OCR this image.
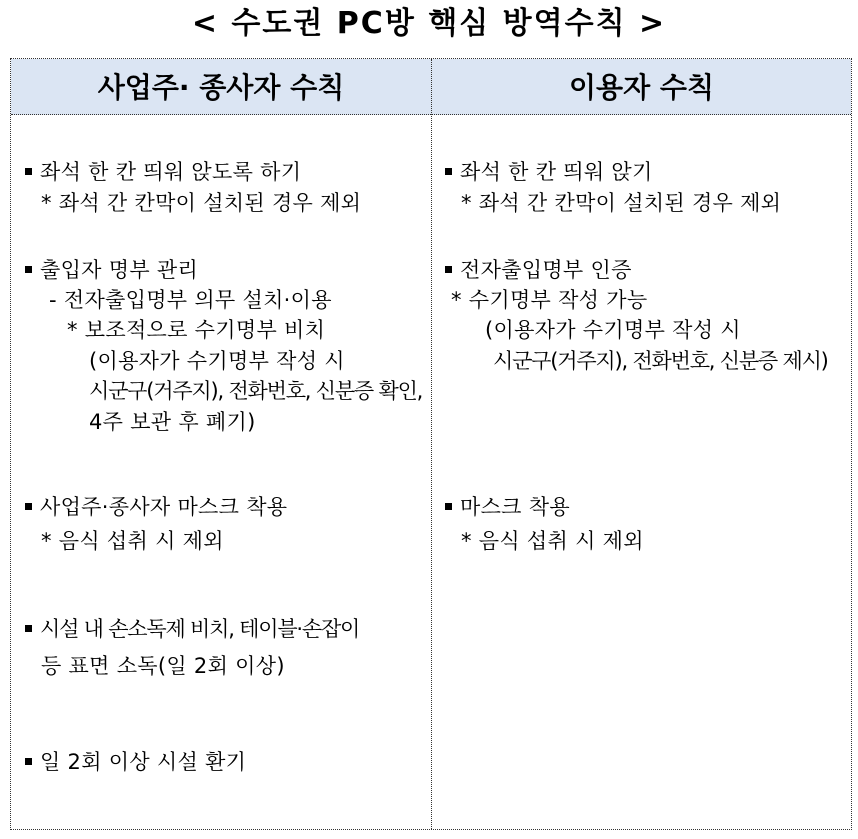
< 수도권 PC방 핵심 방역수칙 >
사업주· 종사자 수칙	이용자 수칙
좌석 한 칸 띄워 앉도록 하기
* 좌석 간 칸막이 설치된 경우 제외
출입자 명부 관리
- 전자출입명부 의무 설치·이용
* 보조적으로 수기명부 비치
(이용자가 수기명부 작성 시
시군구(거주지), 전화번호, 신분증 확인,
4주 보관 후 폐기)
사업주·종사자 마스크 착용
* 음식 섭취 시 제외
시설 내 손소독제 비치, 테이블·손잡이
등 표면 소독(일 2회 이상)
일 2회 이상 시설 환기
좌석 한 칸 띄워 앉기
* 좌석 간 칸막이 설치된 경우 제외
전자출입명부 인증
* 수기명부 작성 가능
(이용자가 수기명부 작성 시
시군구(거주지), 전화번호, 신분증 제시)
마스크 착용
* 음식 섭취 시 제외
